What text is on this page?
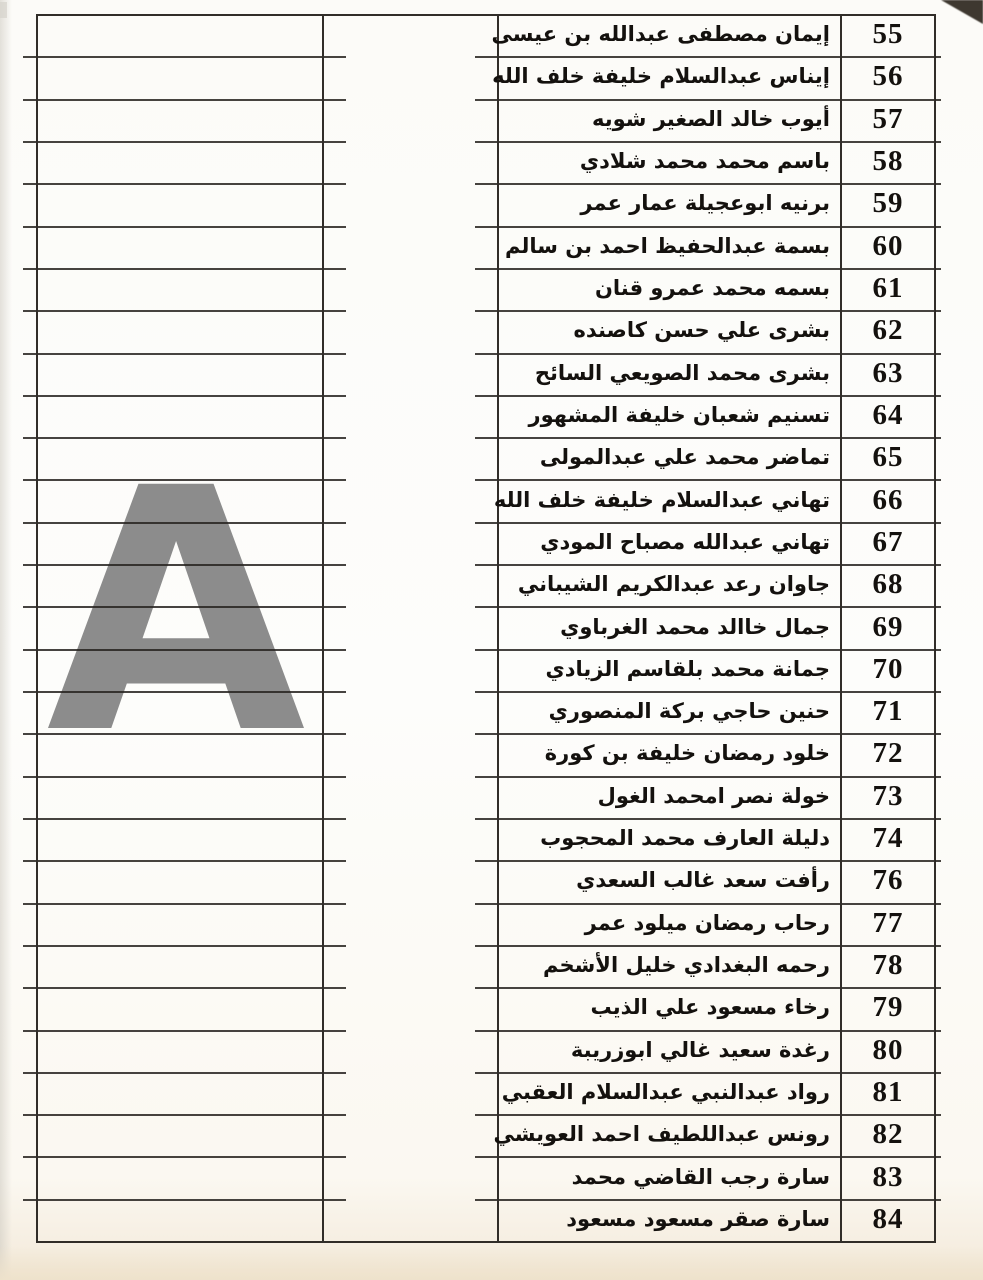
A
إيمان مصطفى عبدالله بن عيسى
إيناس عبدالسلام خليفة خلف الله
أيوب خالد الصغير شويه
باسم محمد محمد شلادي
برنيه ابوعجيلة عمار عمر
بسمة عبدالحفيظ احمد بن سالم
بسمه محمد عمرو قنان
بشرى علي حسن كاصنده
بشرى محمد الصويعي السائح
تسنيم شعبان خليفة المشهور
تماضر محمد علي عبدالمولى
تهاني عبدالسلام خليفة خلف الله
تهاني عبدالله مصباح المودي
جاوان رعد عبدالكريم الشيباني
جمال خاالد محمد الغرباوي
جمانة محمد بلقاسم الزيادي
حنين حاجي بركة المنصوري
خلود رمضان خليفة بن كورة
خولة نصر امحمد الغول
دليلة العارف محمد المحجوب
رأفت سعد غالب السعدي
رحاب رمضان ميلود عمر
رحمه البغدادي خليل الأشخم
رخاء مسعود علي الذيب
رغدة سعيد غالي ابوزريبة
رواد عبدالنبي عبدالسلام العقبي
رونس عبداللطيف احمد العويشي
سارة رجب القاضي محمد
سارة صقر مسعود مسعود
55
56
57
58
59
60
61
62
63
64
65
66
67
68
69
70
71
72
73
74
76
77
78
79
80
81
82
83
84
